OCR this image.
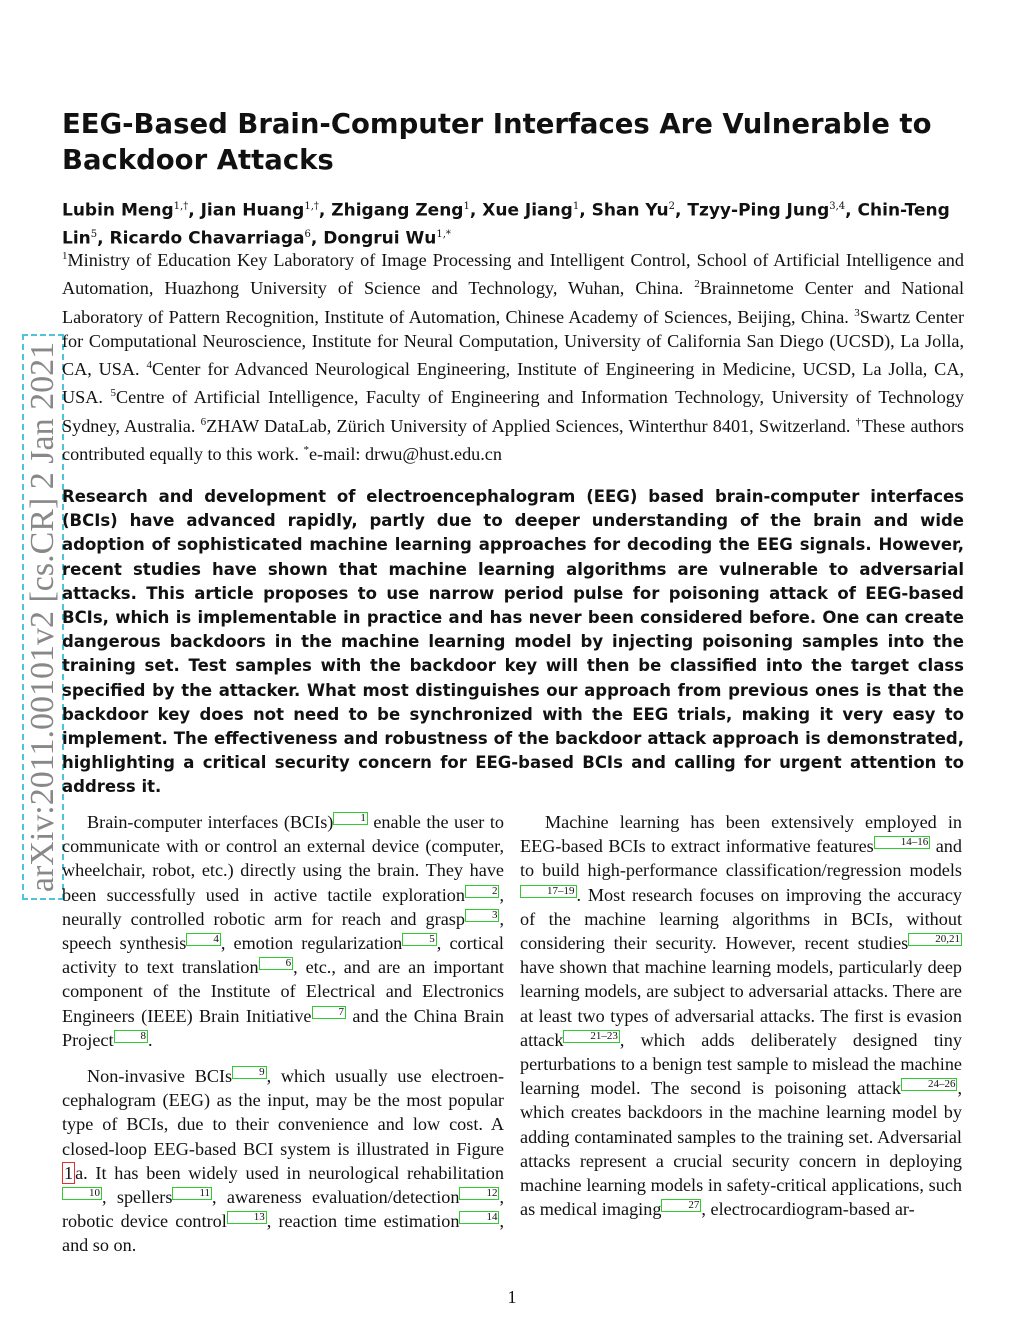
arXiv:2011.00101v2 [cs.CR] 2 Jan 2021
EEG-Based Brain-Computer Interfaces Are Vulnerable to Backdoor Attacks
Lubin Meng$^{1,\dagger}$, Jian Huang$^{1,\dagger}$, Zhigang Zeng$^1$, Xue Jiang$^1$, Shan Yu$^2$, Tzyy-Ping Jung$^{3,4}$, Chin-Teng Lin$^5$, Ricardo Chavarriaga$^6$, Dongrui $Wu^{1,*}$

$^1$Ministry of Education Key Laboratory of Image Processing and Intelligent Control, School of Artificial Intelligence and Automation, Huazhong University of Science and Technology, Wuhan, China. $^2$Brainnetome Center and National Laboratory of Pattern Recognition, Institute of Automation, Chinese Academy of Sciences, Beijing, China. $^3$Swartz Center for Computational Neuroscience, Institute for Neural Computation, University of California San Diego (UCSD), La Jolla, CA, USA. $^4$Center for Advanced Neurological Engineering, Institute of Engineering in Medicine, UCSD, La Jolla, CA, USA. $^5$Centre of Artificial Intelligence, Faculty of Engineering and Information Technology, University of Technology Sydney, Australia. $^6$ZHAW DataLab, Zürich University of Applied Sciences, Winterthur 8401, Switzerland. †These authors contributed equally to this work. *e-mail: drwu@hust.edu.cn

Research and development of electroencephalogram (EEG) based brain-computer interfaces (BCIs) have advanced rapidly, partly due to deeper understanding of the brain and wide adoption of sophisticated machine learning approaches for decoding the EEG signals. However, recent studies have shown that machine learning algorithms are vulnerable to adversarial attacks. This article proposes to use narrow period pulse for poisoning attack of EEG-based BCIs, which is implementable in practice and has never been considered before. One can create dangerous backdoors in the machine learning model by injecting poisoning samples into the training set. Test samples with the backdoor key will then be classified into the target class specified by the attacker. What most distinguishes our approach from previous ones is that the backdoor key does not need to be synchronized with the EEG trials, making it very easy to implement. The effectiveness and robustness of the backdoor attack approach is demonstrated, highlighting a critical security concern for EEG-based BCIs and calling for urgent attention to address it.

Brain-computer interfaces (BCIs) 1 enable the user to communicate with or control an external device (computer, wheelchair, robot, etc.) directly using the brain. They have been successfully used in active tactile exploration 2 , neurally controlled robotic arm for reach and grasp 3 , speech synthesis 4 , emotion regularization 5 , cortical activity to text translation 6 , etc., and are an important component of the Institute of Electrical and Electronics Engineers (IEEE) Brain Initiative 7 and the China Brain Project 8 .

Non-invasive BCIs 9 , which usually use electroencephalogram (EEG) as the input, may be the most popular type of BCIs, due to their convenience and low cost. A closed-loop EEG-based BCI system is illustrated in Figure 1 a. It has been widely used in neurological rehabilitation10 , spellers 11 , awareness evaluation/detection 12 , robotic device control 13 , reaction time estimation 14 , and so on.

Machine learning has been extensively employed in EEG-based BCIs to extract informative features 14–16 and to build high-performance classification/regression models17–19 . Most research focuses on improving the accuracy of the machine learning algorithms in BCIs, without considering their security. However, recent studies 20,21 have shown that machine learning models, particularly deep learning models, are subject to adversarial attacks. There are at least two types of adversarial attacks. The first is evasion attack 21–23 , which adds deliberately designed tiny perturbations to a benign test sample to mislead the machine learning model. The second is poisoning attack 24–26 , which creates backdoors in the machine learning model by adding contaminated samples to the training set. Adversarial attacks represent a crucial security concern in deploying machine learning models in safety-critical applications, such as medical imaging 27 , electrocardiogram-based ar-

1
